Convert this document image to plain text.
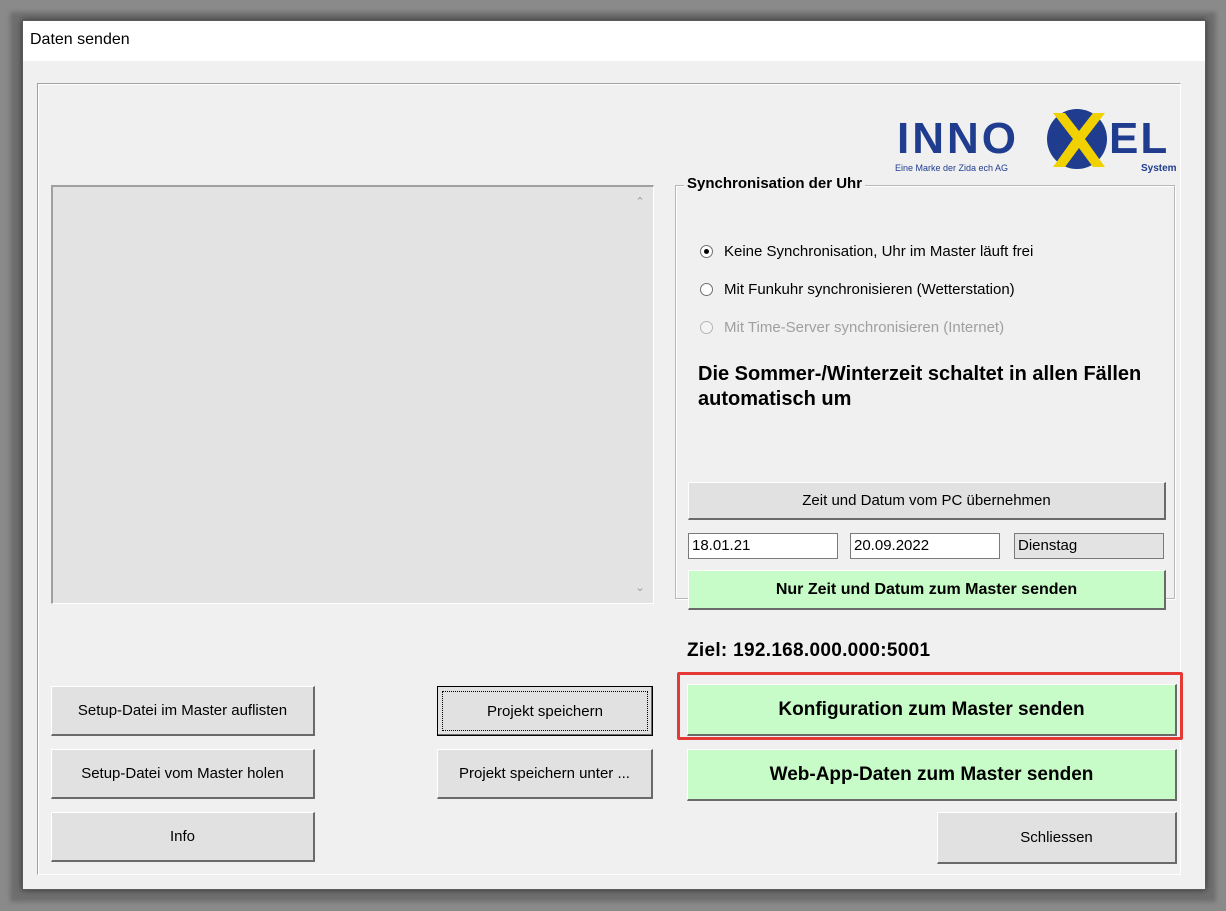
Daten senden
INNO EL
Eine Marke der Zida ech AG	System
⌃
⌄
Synchronisation der Uhr
Keine Synchronisation, Uhr im Master läuft frei
Mit Funkuhr synchronisieren (Wetterstation)
Mit Time-Server synchronisieren (Internet)
Die Sommer-/Winterzeit schaltet in allen Fällen automatisch um
Zeit und Datum vom PC übernehmen
18.01.21	20.09.2022	Dienstag
Nur Zeit und Datum zum Master senden
Ziel: 192.168.000.000:5001
Setup-Datei im Master auflisten
Setup-Datei vom Master holen
Info
Projekt speichern
Projekt speichern unter ...
Konfiguration zum Master senden
Web-App-Daten zum Master senden
Schliessen
